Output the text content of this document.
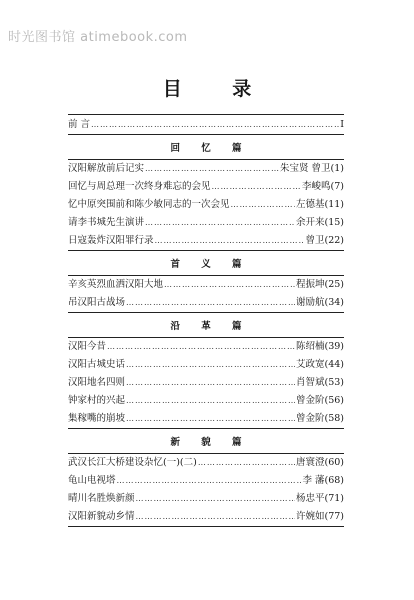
时光图书馆 atimebook.com
目 录
前 言 ……………………………………………………………………………………………………………………………………	I
回 忆 篇
汉阳解放前后记实 ……………………………………………………………………………………………………………………………………	朱宝贤 曾卫 (1)
回忆与周总理一次终身难忘的会见 ……………………………………………………………………………………………………………………………………	李峻鸣 (7)
忆中原突围前和陈少敏同志的一次会见 ……………………………………………………………………………………………………………………………………	左德基 (11)
请李书城先生演讲 ……………………………………………………………………………………………………………………………………	余开来 (15)
日寇轰炸汉阳罪行录 ……………………………………………………………………………………………………………………………………	曾卫 (22)
首 义 篇
辛亥英烈血洒汉阳大地 ……………………………………………………………………………………………………………………………………	程振坤 (25)
吊汉阳古战场 ……………………………………………………………………………………………………………………………………	谢励航 (34)
沿 革 篇
汉阳今昔 ……………………………………………………………………………………………………………………………………	陈绍楠 (39)
汉阳古城史话 ……………………………………………………………………………………………………………………………………	艾政宽 (44)
汉阳地名四则 ……………………………………………………………………………………………………………………………………	肖智斌 (53)
钟家村的兴起 ……………………………………………………………………………………………………………………………………	曾金阶 (56)
集稼嘴的崩坡 ……………………………………………………………………………………………………………………………………	曾金阶 (58)
新 貌 篇
武汉长江大桥建设杂忆(一)(二) ……………………………………………………………………………………………………………………………………	唐寰澄 (60)
龟山电视塔 ……………………………………………………………………………………………………………………………………	李 藩 (68)
晴川名胜焕新颜 ……………………………………………………………………………………………………………………………………	杨忠平 (71)
汉阳新貌动乡情 ……………………………………………………………………………………………………………………………………	许婉如 (77)
